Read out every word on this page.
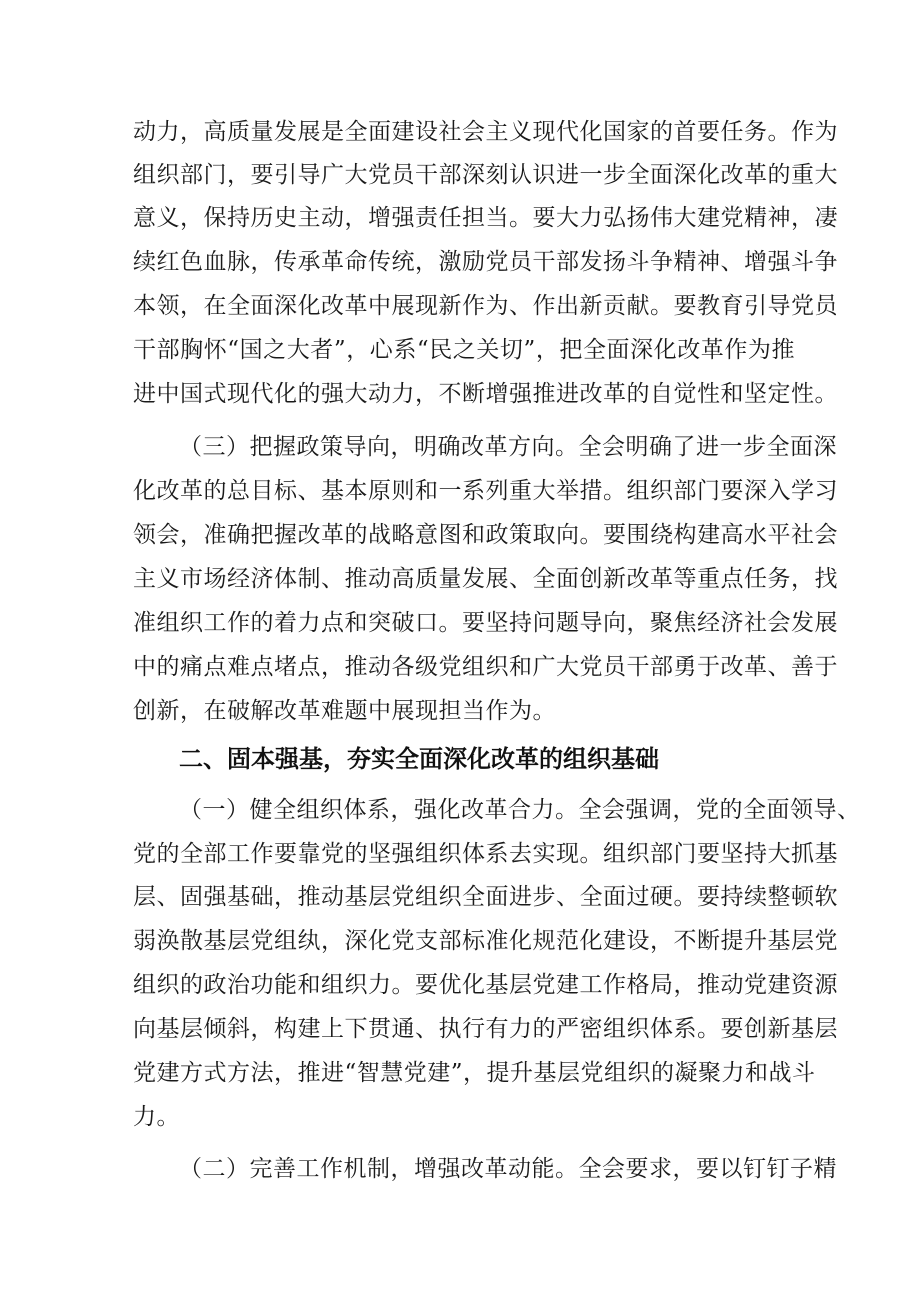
动力，高质量发展是全面建设社会主义现代化国家的首要任务。作为
组织部门，要引导广大党员干部深刻认识进一步全面深化改革的重大
意义，保持历史主动，增强责任担当。要大力弘扬伟大建党精神，凄
续红色血脉，传承革命传统，激励党员干部发扬斗争精神、增强斗争
本领，在全面深化改革中展现新作为、作出新贡献。要教育引导党员
干部胸怀“国之大者”，心系“民之关切”，把全面深化改革作为推
进中国式现代化的强大动力，不断增强推进改革的自觉性和坚定性。
（三）把握政策导向，明确改革方向。全会明确了进一步全面深
化改革的总目标、基本原则和一系列重大举措。组织部门要深入学习
领会，准确把握改革的战略意图和政策取向。要围绕构建高水平社会
主义市场经济体制、推动高质量发展、全面创新改革等重点任务，找
准组织工作的着力点和突破口。要坚持问题导向，聚焦经济社会发展
中的痛点难点堵点，推动各级党组织和广大党员干部勇于改革、善于
创新，在破解改革难题中展现担当作为。
二、固本强基，夯实全面深化改革的组织基础
（一）健全组织体系，强化改革合力。全会强调，党的全面领导、
党的全部工作要靠党的坚强组织体系去实现。组织部门要坚持大抓基
层、固强基础，推动基层党组织全面进步、全面过硬。要持续整顿软
弱涣散基层党组纨，深化党支部标准化规范化建设，不断提升基层党
组织的政治功能和组织力。要优化基层党建工作格局，推动党建资源
向基层倾斜，构建上下贯通、执行有力的严密组织体系。要创新基层
党建方式方法，推进“智慧党建”，提升基层党组织的凝聚力和战斗
力。
（二）完善工作机制，增强改革动能。全会要求，要以钉钉子精
